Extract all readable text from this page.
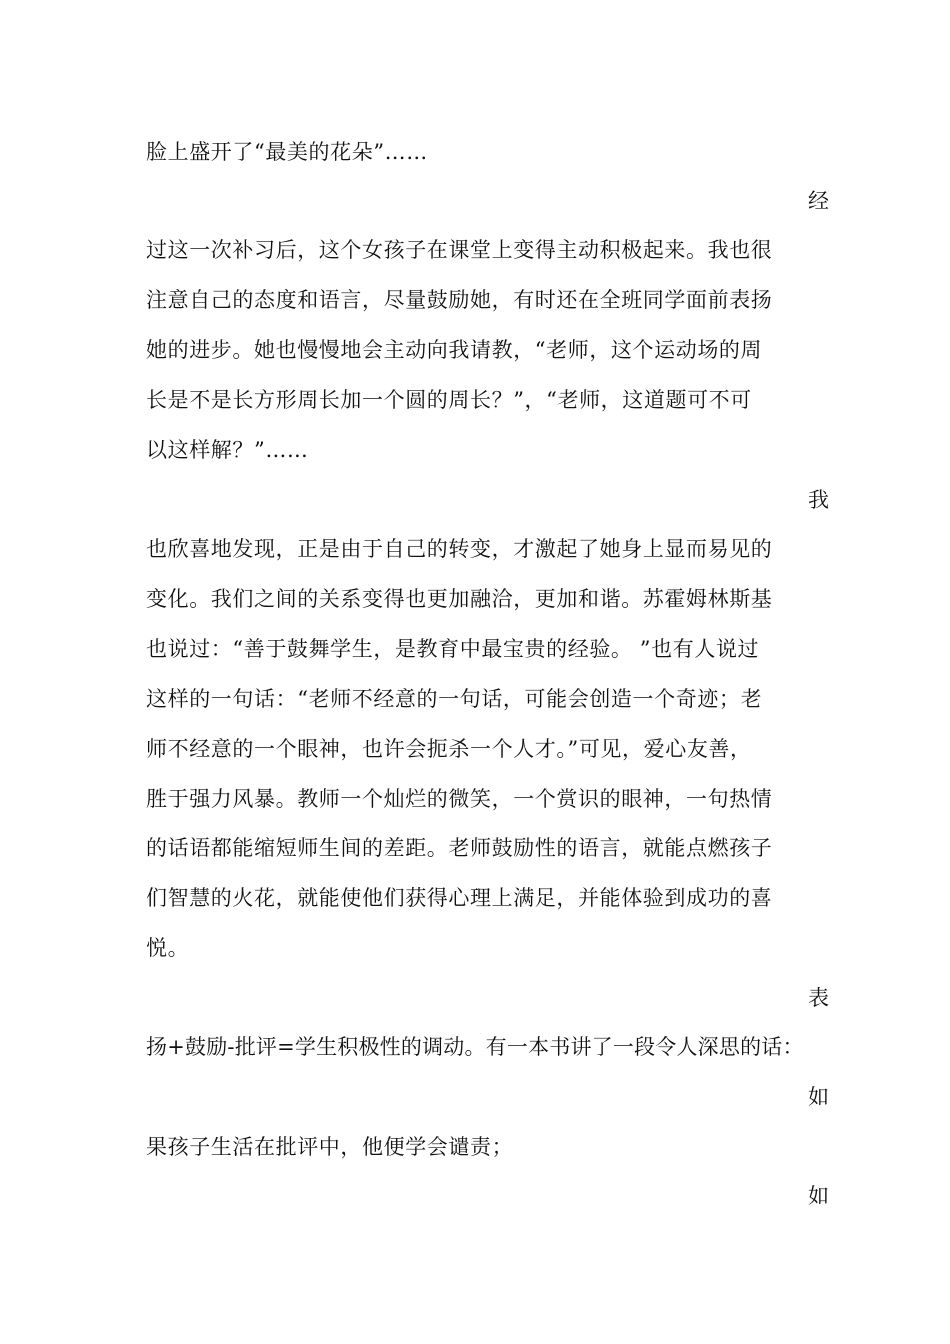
脸上盛开了“最美的花朵”……
经
过这一次补习后，这个女孩子在课堂上变得主动积极起来。我也很
注意自己的态度和语言，尽量鼓励她，有时还在全班同学面前表扬
她的进步。她也慢慢地会主动向我请教，“老师，这个运动场的周
长是不是长方形周长加一个圆的周长？”，“老师，这道题可不可
以这样解？”……
我
也欣喜地发现，正是由于自己的转变，才激起了她身上显而易见的
变化。我们之间的关系变得也更加融洽，更加和谐。苏霍姆林斯基
也说过：“善于鼓舞学生，是教育中最宝贵的经验。 ”也有人说过
这样的一句话：“老师不经意的一句话，可能会创造一个奇迹；老
师不经意的一个眼神，也许会扼杀一个人才。”可见，爱心友善，
胜于强力风暴。教师一个灿烂的微笑，一个赏识的眼神，一句热情
的话语都能缩短师生间的差距。老师鼓励性的语言，就能点燃孩子
们智慧的火花，就能使他们获得心理上满足，并能体验到成功的喜
悦。
表
扬+鼓励-批评=学生积极性的调动。有一本书讲了一段令人深思的话：
如
果孩子生活在批评中，他便学会谴责；
如
